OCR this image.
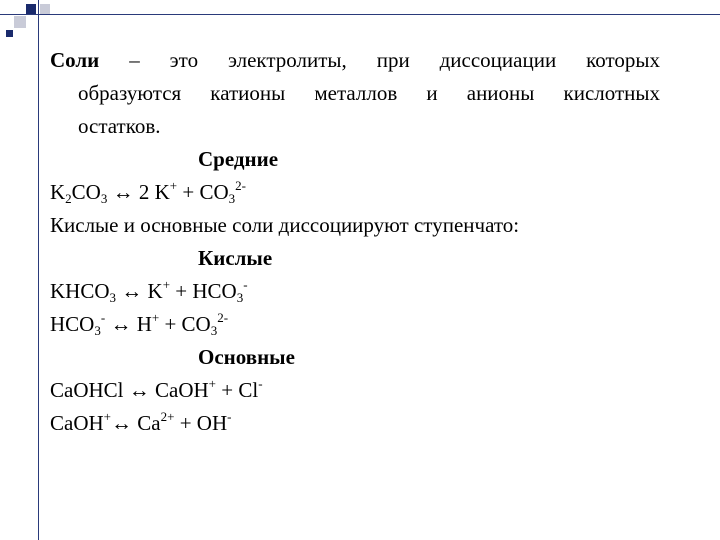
Соли – это электролиты, при диссоциации которых
образуются катионы металлов и анионы кислотных
остатков.
Средние
$K_2CO_3$ ↔ 2 $K^+ + CO_3^{2-}$
Кислые и основные соли диссоциируют ступенчато:
Кислые
$KHCO_3$ ↔ $K^+ + HCO_3^-$
$HCO_3^-$ ↔ $H^+ + CO_3^{2-}$
Основные
CaOHCl ↔ CaOH+ + Cl-
CaOH+↔ $Ca^{2+} + OH^-$
